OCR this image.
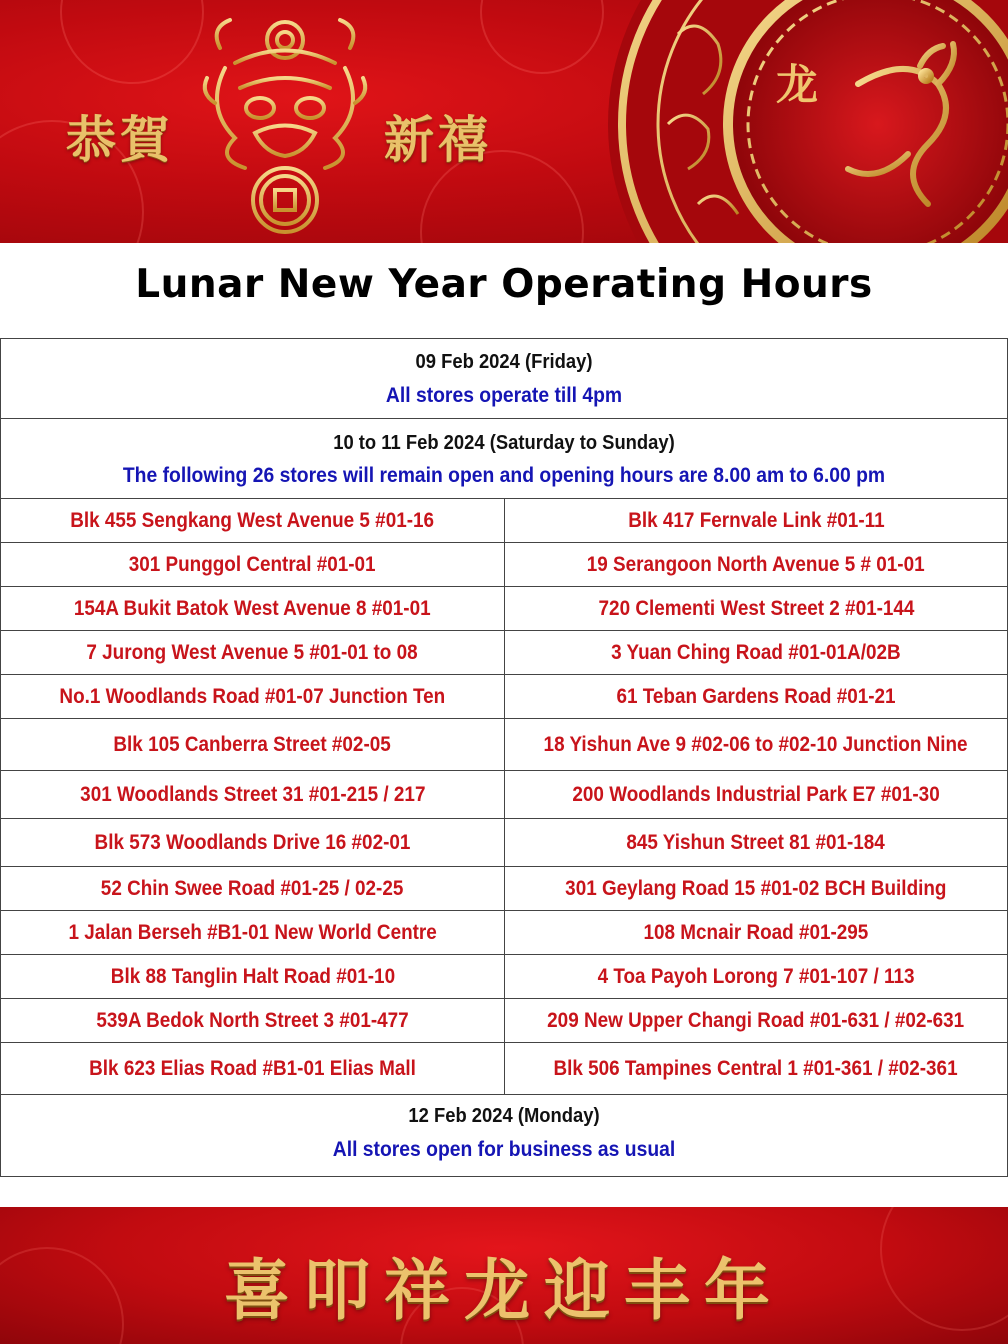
恭賀	新禧
龙
Lunar New Year Operating Hours
09 Feb 2024 (Friday)
All stores operate till 4pm
10 to 11 Feb 2024 (Saturday to Sunday)
The following 26 stores will remain open and opening hours are 8.00 am to 6.00 pm
Blk 455 Sengkang West Avenue 5 #01-16	Blk 417 Fernvale Link #01-11
301 Punggol Central #01-01	19 Serangoon North Avenue 5 # 01-01
154A Bukit Batok West Avenue 8 #01-01	720 Clementi West Street 2 #01-144
7 Jurong West Avenue 5 #01-01 to 08	3 Yuan Ching Road #01-01A/02B
No.1 Woodlands Road #01-07 Junction Ten	61 Teban Gardens Road #01-21
Blk 105 Canberra Street #02-05	18 Yishun Ave 9 #02-06 to #02-10 Junction Nine
301 Woodlands Street 31 #01-215 / 217	200 Woodlands Industrial Park E7 #01-30
Blk 573 Woodlands Drive 16 #02-01	845 Yishun Street 81 #01-184
52 Chin Swee Road #01-25 / 02-25	301 Geylang Road 15 #01-02 BCH Building
1 Jalan Berseh #B1-01 New World Centre	108 Mcnair Road #01-295
Blk 88 Tanglin Halt Road #01-10	4 Toa Payoh Lorong 7 #01-107 / 113
539A Bedok North Street 3 #01-477	209 New Upper Changi Road #01-631 / #02-631
Blk 623 Elias Road #B1-01 Elias Mall	Blk 506 Tampines Central 1 #01-361 / #02-361
12 Feb 2024 (Monday)
All stores open for business as usual
喜叩祥龙迎丰年
